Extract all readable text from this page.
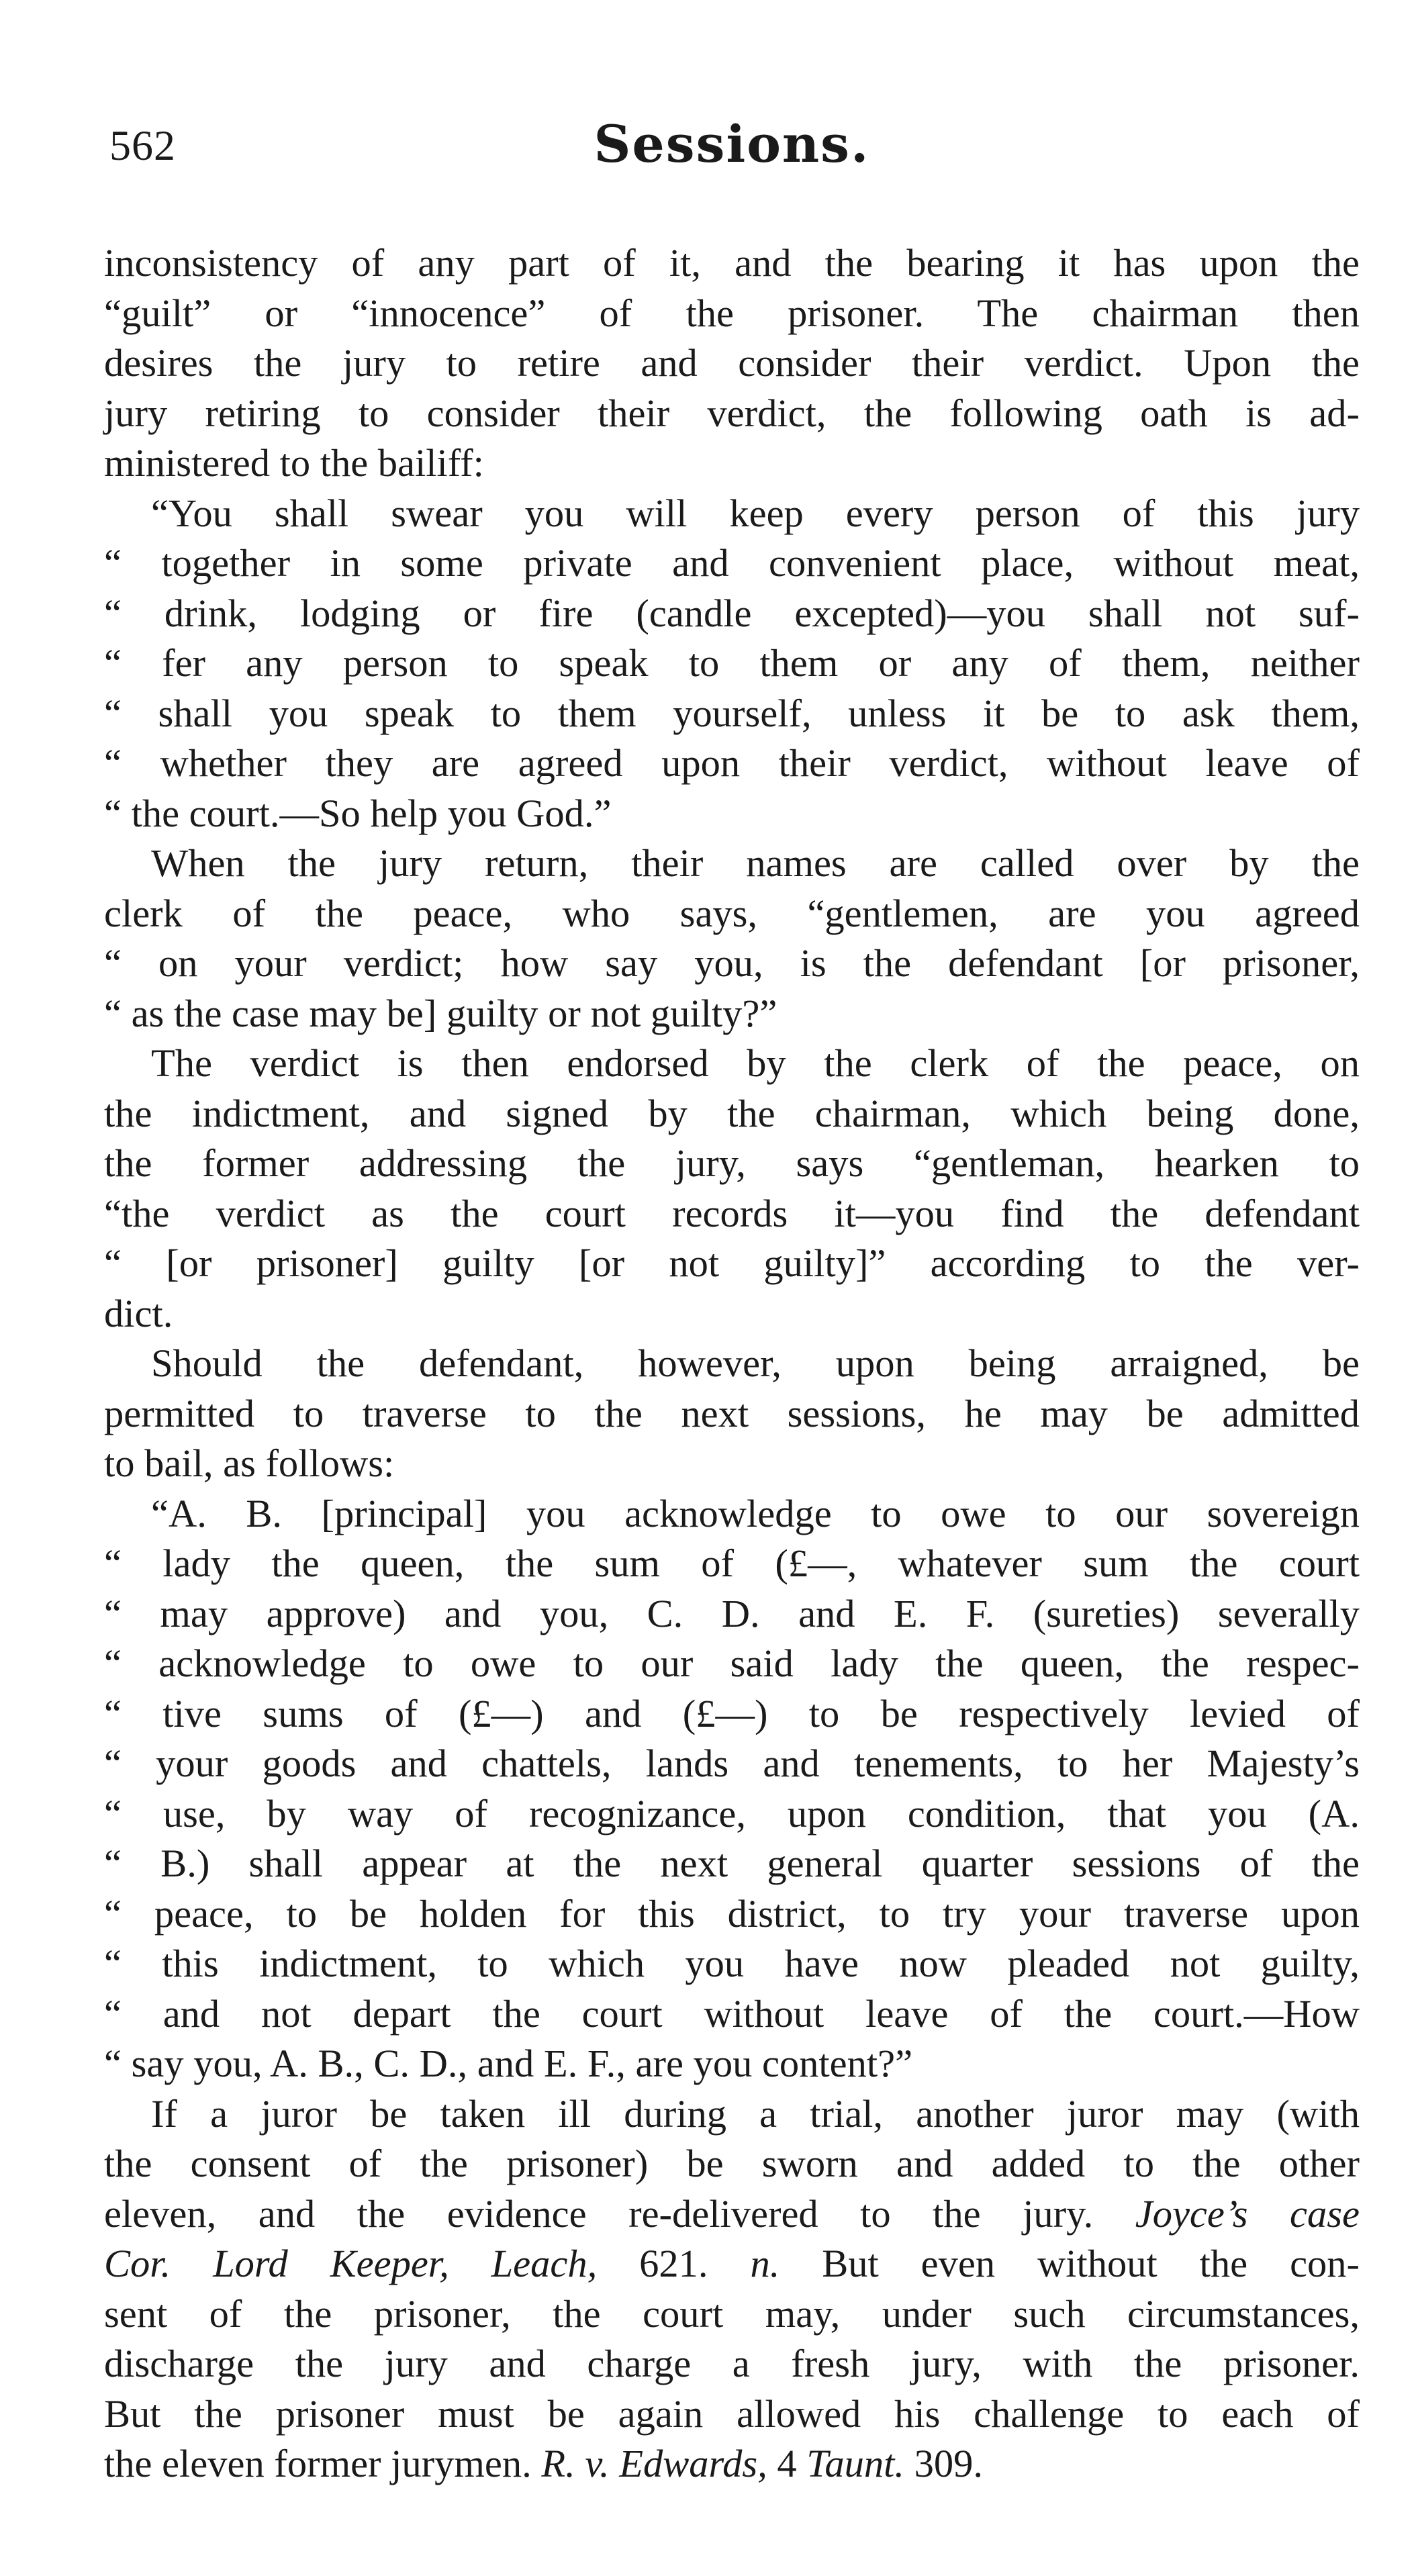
562	Sessions.

inconsistency of any part of it, and the bearing it has upon the
“guilt” or “innocence” of the prisoner. The chairman then
desires the jury to retire and consider their verdict. Upon the
jury retiring to consider their verdict, the following oath is ad-
ministered to the bailiff:

“You shall swear you will keep every person of this jury
“ together in some private and convenient place, without meat,
“ drink, lodging or fire (candle excepted)—you shall not suf-
“ fer any person to speak to them or any of them, neither
“ shall you speak to them yourself, unless it be to ask them,
“ whether they are agreed upon their verdict, without leave of
“ the court.—So help you God.”

When the jury return, their names are called over by the
clerk of the peace, who says, “gentlemen, are you agreed
“ on your verdict; how say you, is the defendant [or prisoner,
“ as the case may be] guilty or not guilty?”

The verdict is then endorsed by the clerk of the peace, on
the indictment, and signed by the chairman, which being done,
the former addressing the jury, says “gentleman, hearken to
“the verdict as the court records it—you find the defendant
“ [or prisoner] guilty [or not guilty]” according to the ver-
dict.

Should the defendant, however, upon being arraigned, be
permitted to traverse to the next sessions, he may be admitted
to bail, as follows:

“A. B. [principal] you acknowledge to owe to our sovereign
“ lady the queen, the sum of (£—, whatever sum the court
“ may approve) and you, C. D. and E. F. (sureties) severally
“ acknowledge to owe to our said lady the queen, the respec-
“ tive sums of (£—) and (£—) to be respectively levied of
“ your goods and chattels, lands and tenements, to her Majesty’s
“ use, by way of recognizance, upon condition, that you (A.
“ B.) shall appear at the next general quarter sessions of the
“ peace, to be holden for this district, to try your traverse upon
“ this indictment, to which you have now pleaded not guilty,
“ and not depart the court without leave of the court.—How
“ say you, A. B., C. D., and E. F., are you content?”

If a juror be taken ill during a trial, another juror may (with
the consent of the prisoner) be sworn and added to the other
eleven, and the evidence re-delivered to the jury. Joyce’s case
Cor. Lord Keeper, Leach, 621. n. But even without the con-
sent of the prisoner, the court may, under such circumstances,
discharge the jury and charge a fresh jury, with the prisoner.
But the prisoner must be again allowed his challenge to each of
the eleven former jurymen. R. v. Edwards, 4 Taunt. 309.
